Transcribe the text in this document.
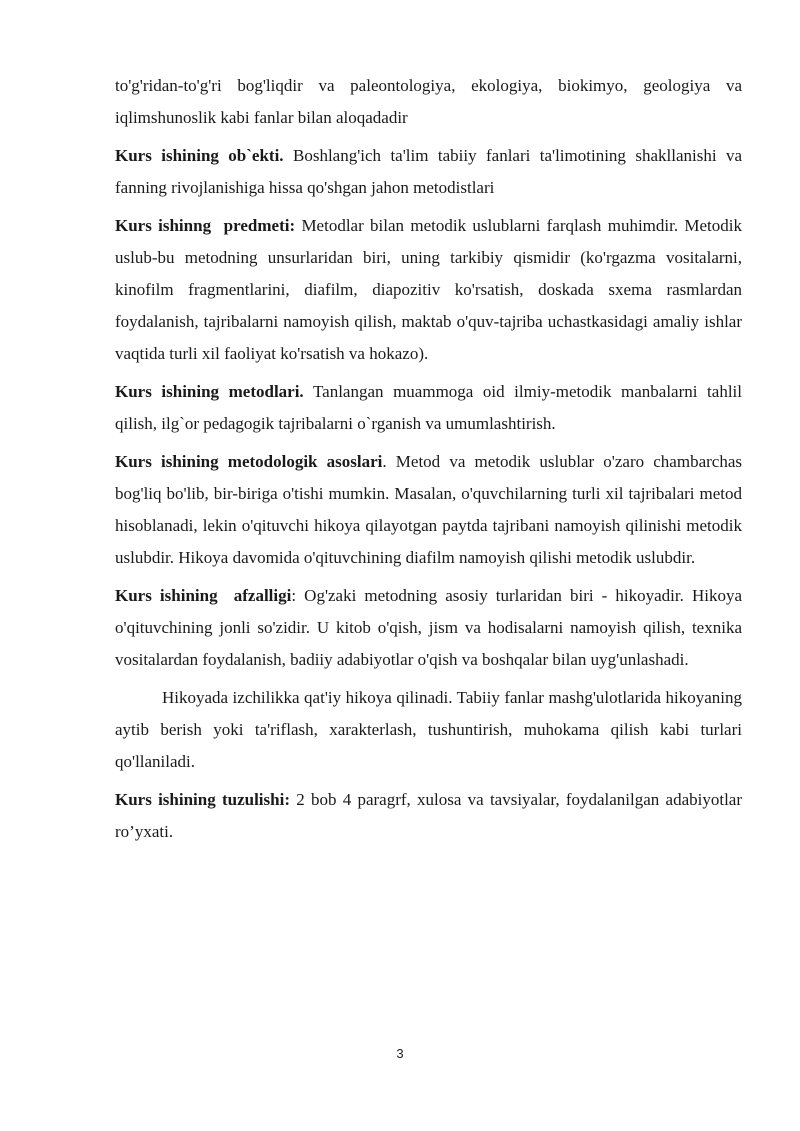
to'g'ridan-to'g'ri bog'liqdir va paleontologiya, ekologiya, biokimyo, geologiya va iqlimshunoslik kabi fanlar bilan aloqadadir

Kurs ishining ob`ekti. Boshlang'ich ta'lim tabiiy fanlari ta'limotining shakllanishi va fanning rivojlanishiga hissa qo'shgan jahon metodistlari

Kurs ishinng  predmeti: Metodlar bilan metodik uslublarni farqlash muhimdir. Metodik uslub-bu metodning unsurlaridan biri, uning tarkibiy qismidir (ko'rgazma vositalarni, kinofilm fragmentlarini, diafilm, diapozitiv ko'rsatish, doskada sxema rasmlardan foydalanish, tajribalarni namoyish qilish, maktab o'quv-tajriba uchastkasidagi amaliy ishlar vaqtida turli xil faoliyat ko'rsatish va hokazo).

Kurs ishining metodlari. Tanlangan muammoga oid ilmiy-metodik manbalarni tahlil qilish, ilg`or pedagogik tajribalarni o`rganish va umumlashtirish.

Kurs ishining metodologik asoslari. Metod va metodik uslublar o'zaro chambarchas bog'liq bo'lib, bir-biriga o'tishi mumkin. Masalan, o'quvchilarning turli xil tajribalari metod hisoblanadi, lekin o'qituvchi hikoya qilayotgan paytda tajribani namoyish qilinishi metodik uslubdir. Hikoya davomida o'qituvchining diafilm namoyish qilishi metodik uslubdir.

Kurs ishining  afzalligi: Og'zaki metodning asosiy turlaridan biri - hikoyadir. Hikoya o'qituvchining jonli so'zidir. U kitob o'qish, jism va hodisalarni namoyish qilish, texnika vositalardan foydalanish, badiiy adabiyotlar o'qish va boshqalar bilan uyg'unlashadi.

Hikoyada izchilikka qat'iy hikoya qilinadi. Tabiiy fanlar mashg'ulotlarida hikoyaning aytib berish yoki ta'riflash, xarakterlash, tushuntirish, muhokama qilish kabi turlari qo'llaniladi.

Kurs ishining tuzulishi: 2 bob 4 paragrf, xulosa va tavsiyalar, foydalanilgan adabiyotlar ro’yxati.

3
